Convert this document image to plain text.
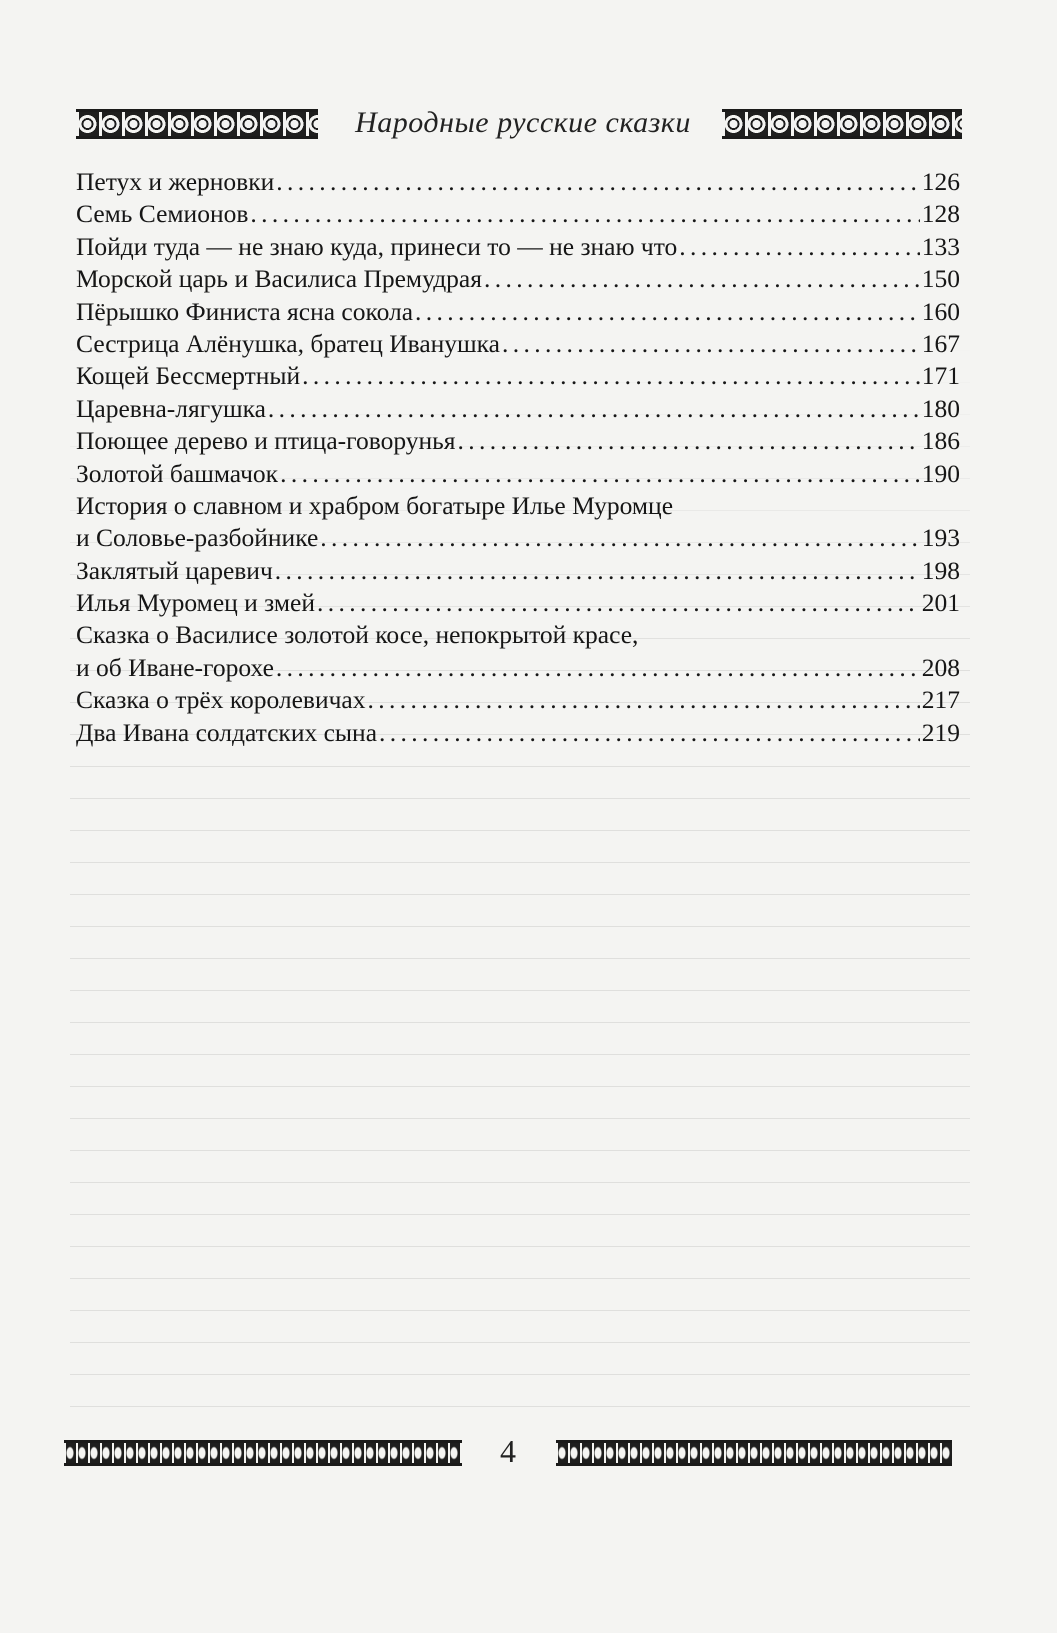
Народные русские сказки
Петух и жерновки . . .	126
Семь Семионов . . .	128
Пойди туда — не знаю куда, принеси то — не знаю что . . .	133
Морской царь и Василиса Премудрая . . .	150
Пёрышко Финиста ясна сокола . . .	160
Сестрица Алёнушка, братец Иванушка . . .	167
Кощей Бессмертный . . .	171
Царевна-лягушка . . .	180
Поющее дерево и птица-говорунья . . .	186
Золотой башмачок . . .	190
История о славном и храбром богатыре Илье Муромце
и Соловье-разбойнике . . .	193
Заклятый царевич . . .	198
Илья Муромец и змей . . .	201
Сказка о Василисе золотой косе, непокрытой красе,
и об Иване-горохе . . .	208
Сказка о трёх королевичах . . .	217
Два Ивана солдатских сына . . .	219
4
